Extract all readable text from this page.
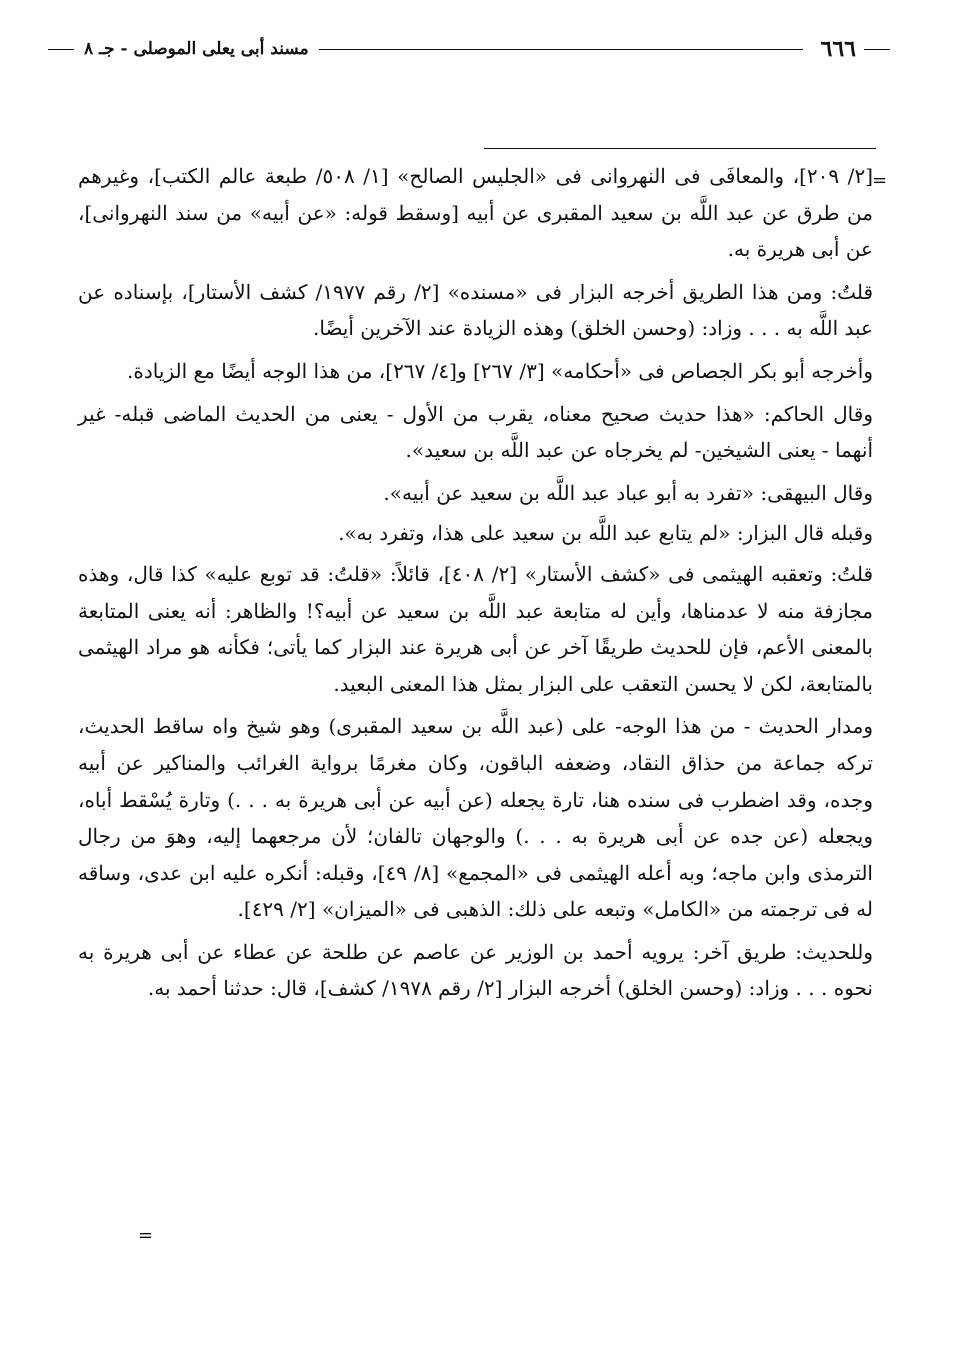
٦٦٦
مسند أبى يعلى الموصلى - جـ ٨
=

[٢/ ٢٠٩]، والمعافَى فى النهروانى فى «الجليس الصالح» [١/ ٥٠٨/ طبعة عالم الكتب]، وغيرهم من طرق عن عبد اللَّه بن سعيد المقبرى عن أبيه [وسقط قوله: «عن أبيه» من سند النهروانى]، عن أبى هريرة به.

قلتُ: ومن هذا الطريق أخرجه البزار فى «مسنده» [٢/ رقم ١٩٧٧/ كشف الأستار]، بإسناده عن عبد اللَّه به . . . وزاد: (وحسن الخلق) وهذه الزيادة عند الآخرين أيضًا.

وأخرجه أبو بكر الجصاص فى «أحكامه» [٣/ ٢٦٧] و[٤/ ٢٦٧]، من هذا الوجه أيضًا مع الزيادة.

وقال الحاكم: «هذا حديث صحيح معناه، يقرب من الأول - يعنى من الحديث الماضى قبله- غير أنهما - يعنى الشيخين- لم يخرجاه عن عبد اللَّه بن سعيد».

وقال البيهقى: «تفرد به أبو عباد عبد اللَّه بن سعيد عن أبيه».

وقبله قال البزار: «لم يتابع عبد اللَّه بن سعيد على هذا، وتفرد به».

قلتُ: وتعقبه الهيثمى فى «كشف الأستار» [٢/ ٤٠٨]، قائلاً: «قلتُ: قد توبع عليه» كذا قال، وهذه مجازفة منه لا عدمناها، وأين له متابعة عبد اللَّه بن سعيد عن أبيه؟! والظاهر: أنه يعنى المتابعة بالمعنى الأعم، فإن للحديث طريقًا آخر عن أبى هريرة عند البزار كما يأتى؛ فكأنه هو مراد الهيثمى بالمتابعة، لكن لا يحسن التعقب على البزار بمثل هذا المعنى البعيد.

ومدار الحديث - من هذا الوجه- على (عبد اللَّه بن سعيد المقبرى) وهو شيخ واه ساقط الحديث، تركه جماعة من حذاق النقاد، وضعفه الباقون، وكان مغرمًا برواية الغرائب والمناكير عن أبيه وجده، وقد اضطرب فى سنده هنا، تارة يجعله (عن أبيه عن أبى هريرة به . . .) وتارة يُسْقط أباه، ويجعله (عن جده عن أبى هريرة به . . .) والوجهان تالفان؛ لأن مرجعهما إليه، وهوَ من رجال الترمذى وابن ماجه؛ وبه أعله الهيثمى فى «المجمع» [٨/ ٤٩]، وقبله: أنكره عليه ابن عدى، وساقه له فى ترجمته من «الكامل» وتبعه على ذلك: الذهبى فى «الميزان» [٢/ ٤٢٩].

وللحديث: طريق آخر: يرويه أحمد بن الوزير عن عاصم عن طلحة عن عطاء عن أبى هريرة به نحوه . . . وزاد: (وحسن الخلق) أخرجه البزار [٢/ رقم ١٩٧٨/ كشف]، قال: حدثنا أحمد به.

=
